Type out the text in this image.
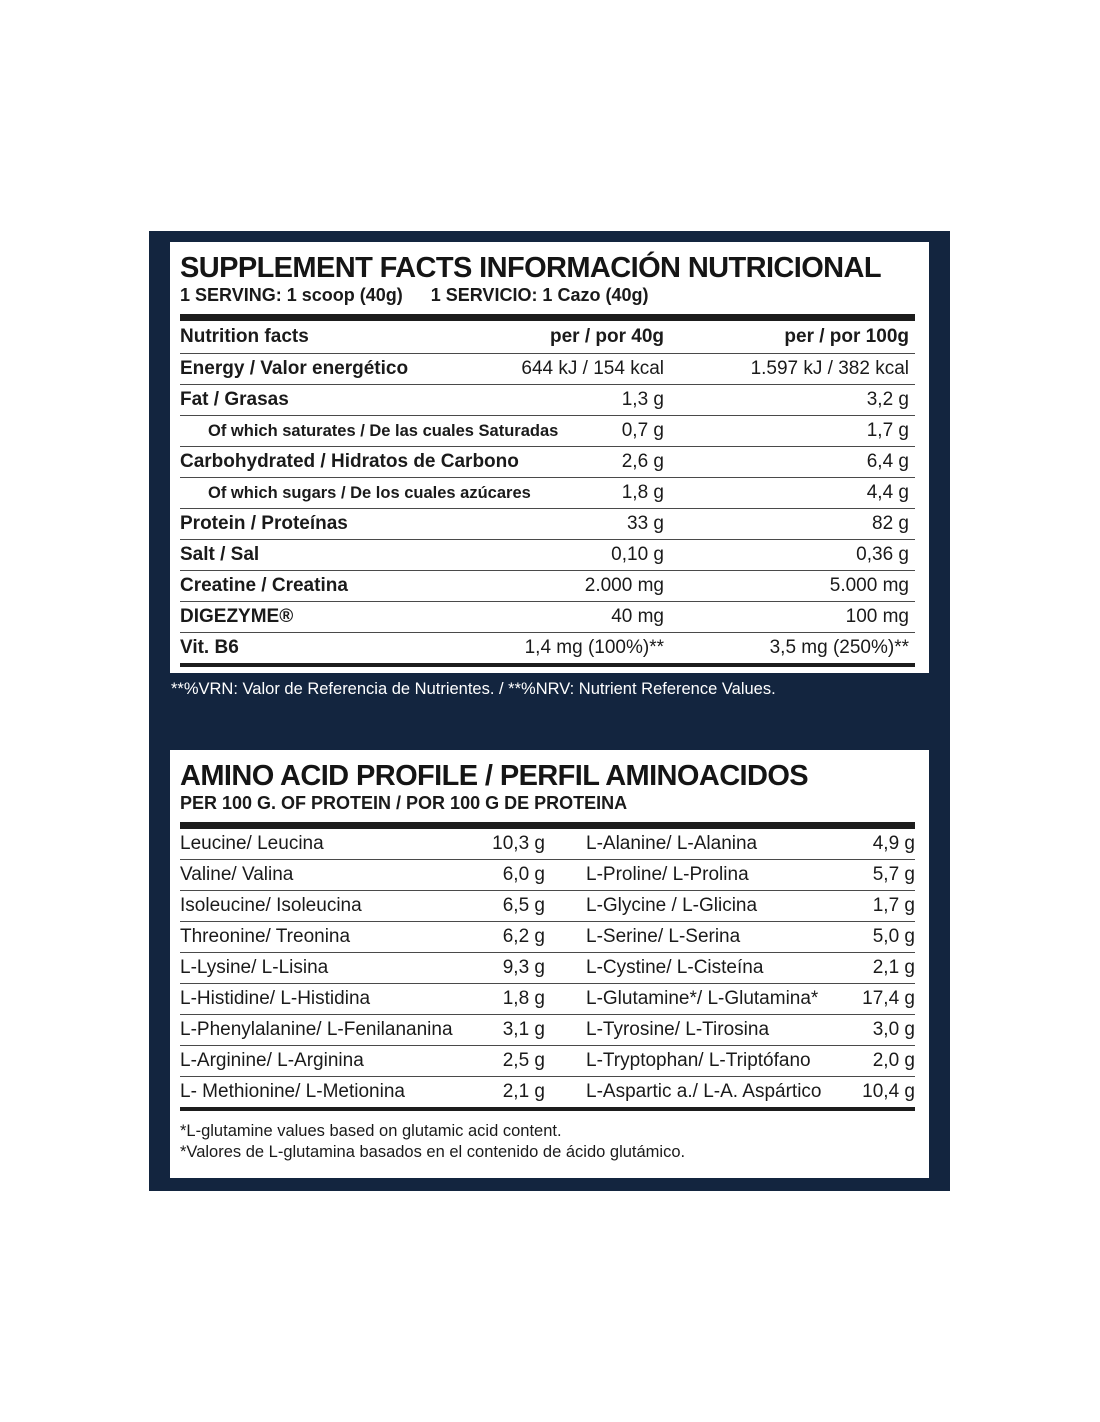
SUPPLEMENT FACTS INFORMACIÓN NUTRICIONAL

1 SERVING: 1 scoop (40g) 1 SERVICIO: 1 Cazo (40g)

Nutrition facts	per / por 40g	per / por 100g
Energy / Valor energético	644 kJ / 154 kcal	1.597 kJ / 382 kcal
Fat / Grasas	1,3 g	3,2 g
Of which saturates / De las cuales Saturadas	0,7 g	1,7 g
Carbohydrated / Hidratos de Carbono	2,6 g	6,4 g
Of which sugars / De los cuales azúcares	1,8 g	4,4 g
Protein / Proteínas	33 g	82 g
Salt / Sal	0,10 g	0,36 g
Creatine / Creatina	2.000 mg	5.000 mg
DIGEZYME®	40 mg	100 mg
Vit. B6	1,4 mg (100%)**	3,5 mg (250%)**
**%VRN: Valor de Referencia de Nutrientes. / **%NRV: Nutrient Reference Values.
AMINO ACID PROFILE / PERFIL AMINOACIDOS

PER 100 G. OF PROTEIN / POR 100 G DE PROTEINA

Leucine/ Leucina	10,3 g	L-Alanine/ L-Alanina	4,9 g
Valine/ Valina	6,0 g	L-Proline/ L-Prolina	5,7 g
Isoleucine/ Isoleucina	6,5 g	L-Glycine / L-Glicina	1,7 g
Threonine/ Treonina	6,2 g	L-Serine/ L-Serina	5,0 g
L-Lysine/ L-Lisina	9,3 g	L-Cystine/ L-Cisteína	2,1 g
L-Histidine/ L-Histidina	1,8 g	L-Glutamine*/ L-Glutamina*	17,4 g
L-Phenylalanine/ L-Fenilananina	3,1 g	L-Tyrosine/ L-Tirosina	3,0 g
L-Arginine/ L-Arginina	2,5 g	L-Tryptophan/ L-Triptófano	2,0 g
L- Methionine/ L-Metionina	2,1 g	L-Aspartic a./ L-A. Aspártico	10,4 g
*L-glutamine values based on glutamic acid content.
*Valores de L-glutamina basados en el contenido de ácido glutámico.
